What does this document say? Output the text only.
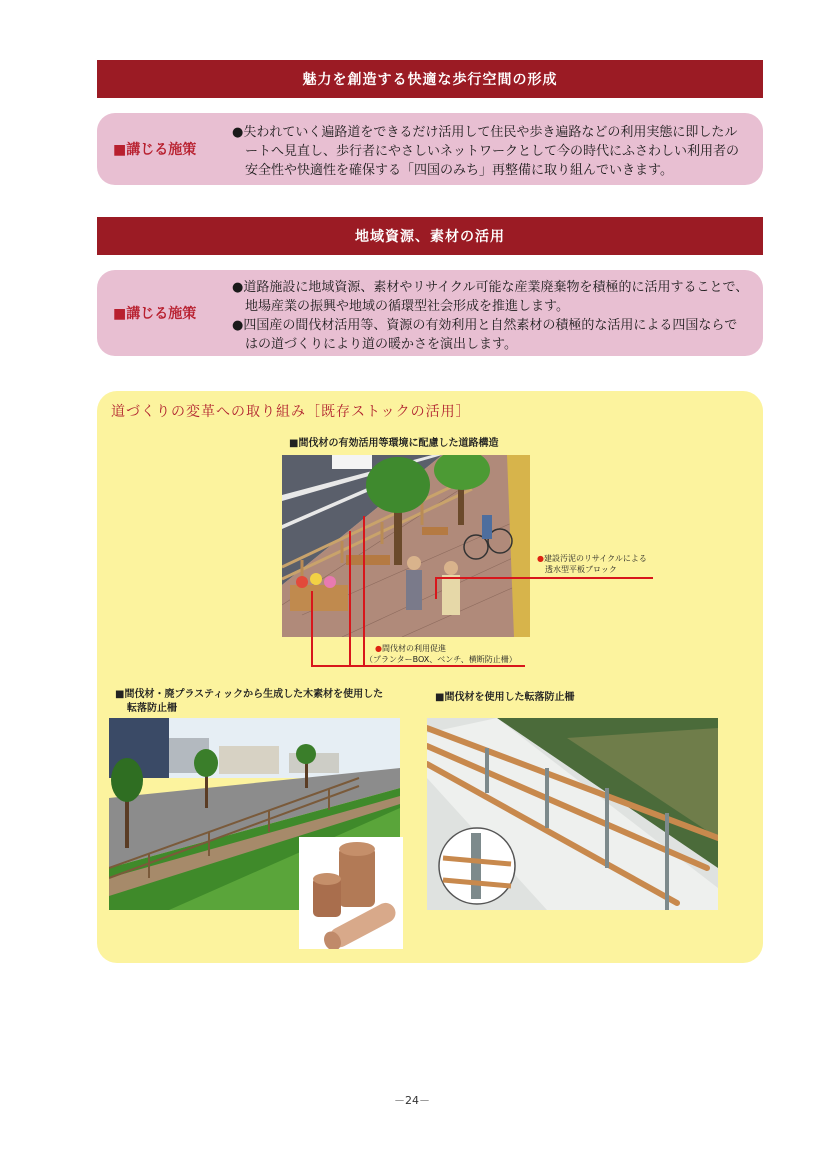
魅力を創造する快適な歩行空間の形成
■講じる施策

●失われていく遍路道をできるだけ活用して住民や歩き遍路などの利用実態に即したルートへ見直し、歩行者にやさしいネットワークとして今の時代にふさわしい利用者の安全性や快適性を確保する「四国のみち」再整備に取り組んでいきます。

地域資源、素材の活用
■講じる施策

●道路施設に地域資源、素材やリサイクル可能な産業廃棄物を積極的に活用することで、地場産業の振興や地域の循環型社会形成を推進します。

●四国産の間伐材活用等、資源の有効利用と自然素材の積極的な活用による四国ならではの道づくりにより道の暖かさを演出します。

道づくりの変革への取り組み［既存ストックの活用］
■間伐材の有効活用等環境に配慮した道路構造
●建設汚泥のリサイクルによる
透水型平板ブロック
●間伐材の利用促進
（プランターBOX、ベンチ、横断防止柵）
■間伐材・廃プラスティックから生成した木素材を使用した
転落防止柵
■間伐材を使用した転落防止柵
－24－
